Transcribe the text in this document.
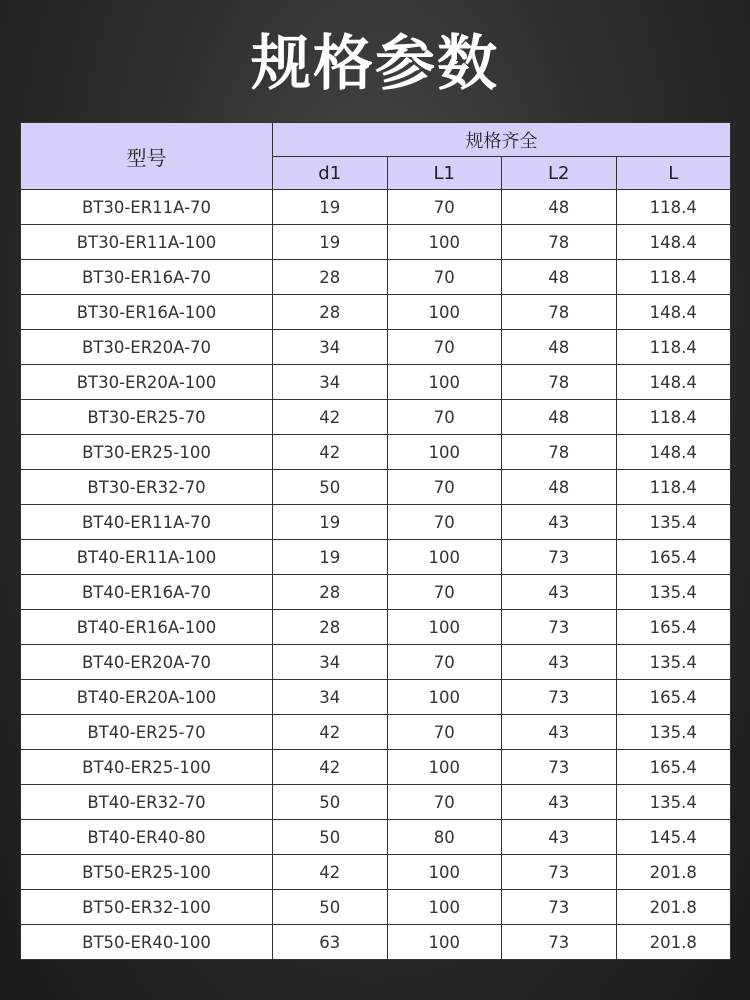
规格参数
型号	规格齐全			
	d1	L1	L2	L
BT30-ER11A-70	19	70	48	118.4
BT30-ER11A-100	19	100	78	148.4
BT30-ER16A-70	28	70	48	118.4
BT30-ER16A-100	28	100	78	148.4
BT30-ER20A-70	34	70	48	118.4
BT30-ER20A-100	34	100	78	148.4
BT30-ER25-70	42	70	48	118.4
BT30-ER25-100	42	100	78	148.4
BT30-ER32-70	50	70	48	118.4
BT40-ER11A-70	19	70	43	135.4
BT40-ER11A-100	19	100	73	165.4
BT40-ER16A-70	28	70	43	135.4
BT40-ER16A-100	28	100	73	165.4
BT40-ER20A-70	34	70	43	135.4
BT40-ER20A-100	34	100	73	165.4
BT40-ER25-70	42	70	43	135.4
BT40-ER25-100	42	100	73	165.4
BT40-ER32-70	50	70	43	135.4
BT40-ER40-80	50	80	43	145.4
BT50-ER25-100	42	100	73	201.8
BT50-ER32-100	50	100	73	201.8
BT50-ER40-100	63	100	73	201.8
